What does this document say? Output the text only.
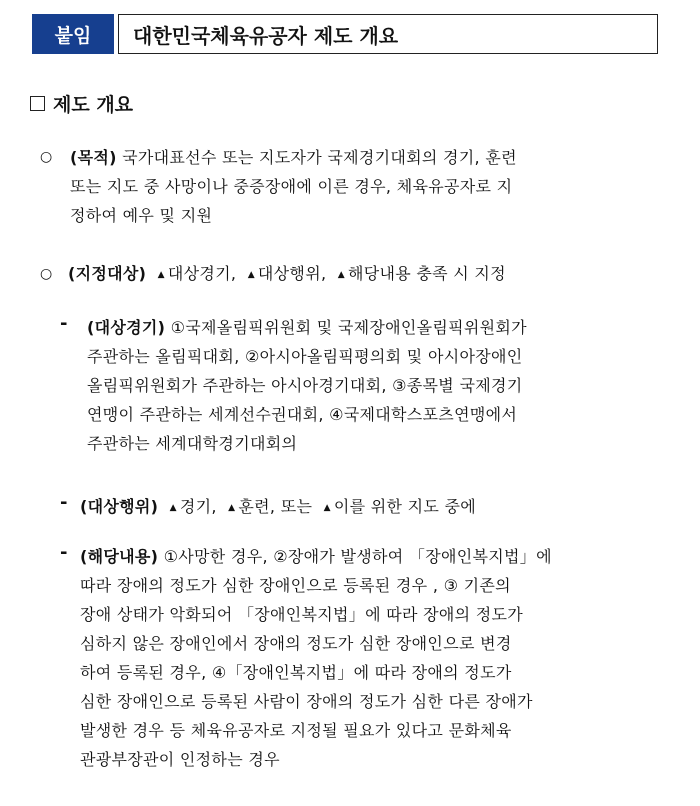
붙임	대한민국체육유공자 제도 개요
제도 개요
○ (목적) 국가대표선수 또는 지도자가 국제경기대회의 경기, 훈련
또는 지도 중 사망이나 중증장애에 이른 경우, 체육유공자로 지
정하여 예우 및 지원
○ (지정대상) ▲ 대상경기, ▲ 대상행위, ▲ 해당내용 충족 시 지정
- (대상경기) ①국제올림픽위원회 및 국제장애인올림픽위원회가
주관하는 올림픽대회, ②아시아올림픽평의회 및 아시아장애인
올림픽위원회가 주관하는 아시아경기대회, ③종목별 국제경기
연맹이 주관하는 세계선수권대회, ④국제대학스포츠연맹에서
주관하는 세계대학경기대회의
- (대상행위) ▲ 경기, ▲ 훈련, 또는 ▲ 이를 위한 지도 중에
- (해당내용) ①사망한 경우, ②장애가 발생하여 「장애인복지법」에
따라 장애의 정도가 심한 장애인으로 등록된 경우 , ③ 기존의
장애 상태가 악화되어 「장애인복지법」에 따라 장애의 정도가
심하지 않은 장애인에서 장애의 정도가 심한 장애인으로 변경
하여 등록된 경우, ④「장애인복지법」에 따라 장애의 정도가
심한 장애인으로 등록된 사람이 장애의 정도가 심한 다른 장애가
발생한 경우 등 체육유공자로 지정될 필요가 있다고 문화체육
관광부장관이 인정하는 경우
